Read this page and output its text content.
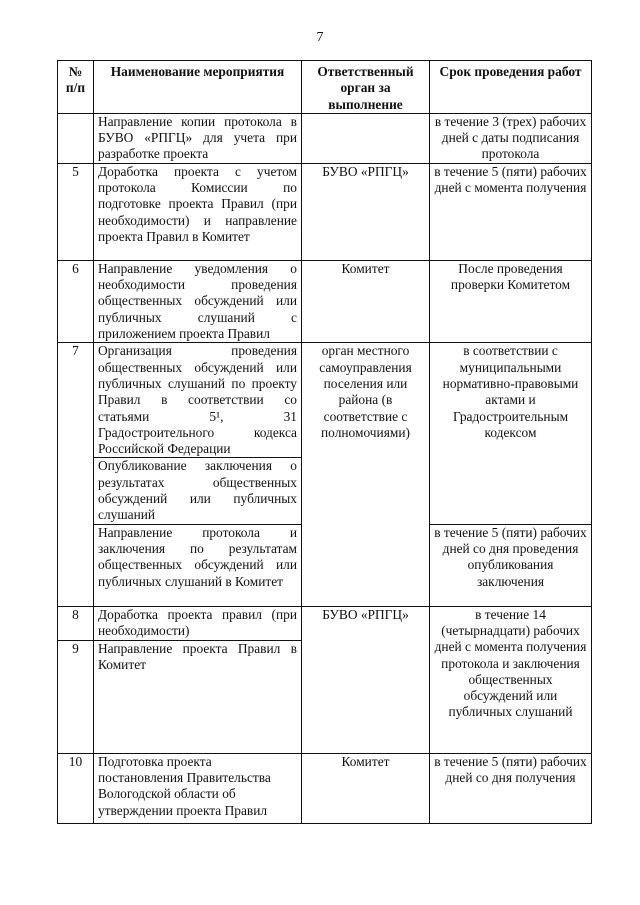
7
№ п/п	Наименование мероприятия	Ответственный орган за выполнение	Срок проведения работ
	Направление копии протокола в БУВО «РПГЦ» для учета при разработке проекта		в течение 3 (трех) рабочих дней с даты подписания протокола
5	Доработка проекта с учетом протокола Комиссии по подготовке проекта Правил (при необходимости) и направление проекта Правил в Комитет	БУВО «РПГЦ»	в течение 5 (пяти) рабочих дней с момента получения
6	Направление уведомления о необходимости проведения общественных обсуждений или публичных слушаний с приложением проекта Правил	Комитет	После проведения проверки Комитетом
7	Организация проведения общественных обсуждений или публичных слушаний по проекту Правил в соответствии со статьями 5¹, 31 Градостроительного кодекса Российской Федерации	орган местного самоуправления поселения или района (в соответствие с полномочиями)	в соответствии с муниципальными нормативно-правовыми актами и Градостроительным кодексом
	Опубликование заключения о результатах общественных обсуждений или публичных слушаний		
	Направление протокола и заключения по результатам общественных обсуждений или публичных слушаний в Комитет		в течение 5 (пяти) рабочих дней со дня проведения опубликования заключения
8	Доработка проекта правил (при необходимости)	БУВО «РПГЦ»	в течение 14 (четырнадцати) рабочих дней с момента получения протокола и заключения общественных обсуждений или публичных слушаний
9	Направление проекта Правил в Комитет		
10	Подготовка проекта постановления Правительства Вологодской области об утверждении проекта Правил	Комитет	в течение 5 (пяти) рабочих дней со дня получения
